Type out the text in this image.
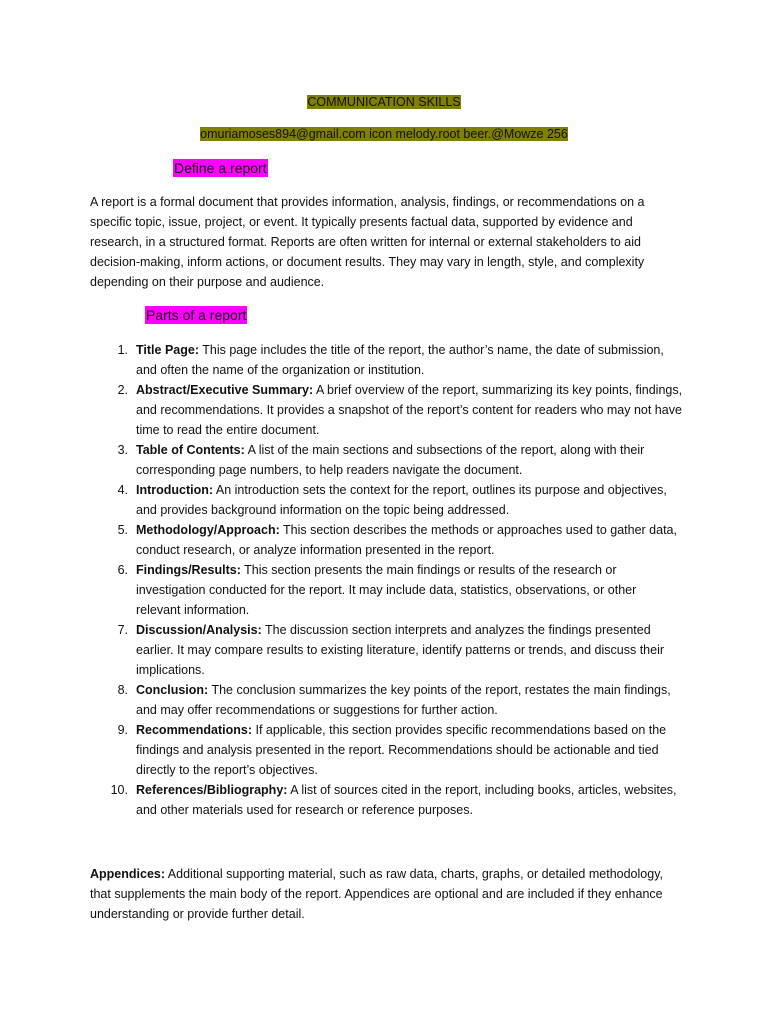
COMMUNICATION SKILLS
omuriamoses894@gmail.com icon melody.root beer.@Mowze 256
Define a report

A report is a formal document that provides information, analysis, findings, or recommendations on a specific topic, issue, project, or event. It typically presents factual data, supported by evidence and research, in a structured format. Reports are often written for internal or external stakeholders to aid decision-making, inform actions, or document results. They may vary in length, style, and complexity depending on their purpose and audience.

Parts of a report
1. Title Page: This page includes the title of the report, the author’s name, the date of submission, and often the name of the organization or institution.
2. Abstract/Executive Summary: A brief overview of the report, summarizing its key points, findings, and recommendations. It provides a snapshot of the report’s content for readers who may not have time to read the entire document.
3. Table of Contents: A list of the main sections and subsections of the report, along with their corresponding page numbers, to help readers navigate the document.
4. Introduction: An introduction sets the context for the report, outlines its purpose and objectives, and provides background information on the topic being addressed.
5. Methodology/Approach: This section describes the methods or approaches used to gather data, conduct research, or analyze information presented in the report.
6. Findings/Results: This section presents the main findings or results of the research or investigation conducted for the report. It may include data, statistics, observations, or other relevant information.
7. Discussion/Analysis: The discussion section interprets and analyzes the findings presented earlier. It may compare results to existing literature, identify patterns or trends, and discuss their implications.
8. Conclusion: The conclusion summarizes the key points of the report, restates the main findings, and may offer recommendations or suggestions for further action.
9. Recommendations: If applicable, this section provides specific recommendations based on the findings and analysis presented in the report. Recommendations should be actionable and tied directly to the report’s objectives.
10. References/Bibliography: A list of sources cited in the report, including books, articles, websites, and other materials used for research or reference purposes.

Appendices: Additional supporting material, such as raw data, charts, graphs, or detailed methodology, that supplements the main body of the report. Appendices are optional and are included if they enhance understanding or provide further detail.
